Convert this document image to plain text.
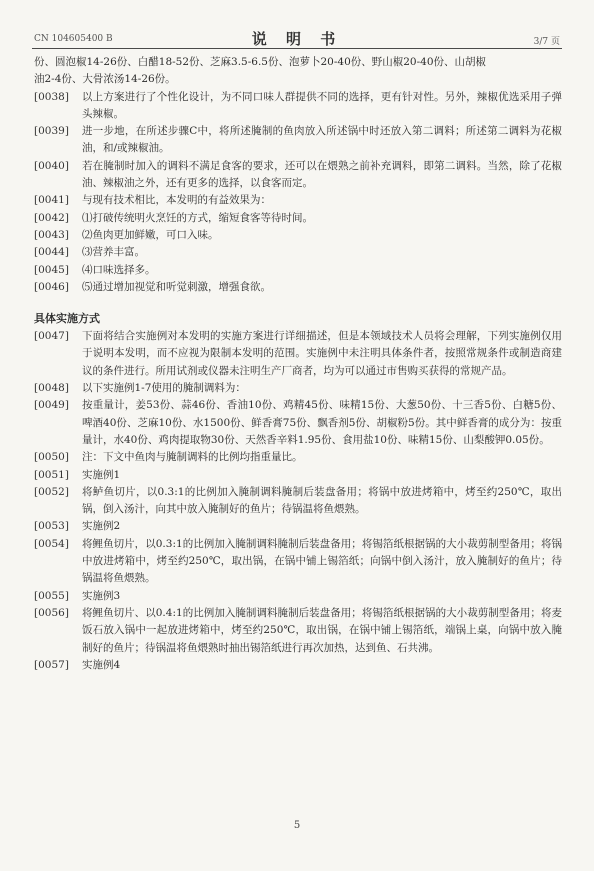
CN 104605400 B	说 明 书	3/7 页

份、圆泡椒14-26份、白醋18-52份、芝麻3.5-6.5份、泡萝卜20-40份、野山椒20-40份、山胡椒

油2-4份、大骨浓汤14-26份。

[0038]	以上方案进行了个性化设计，为不同口味人群提供不同的选择，更有针对性。另外，辣椒优选采用子弹头辣椒。
[0039]	进一步地，在所述步骤C中，将所述腌制的鱼肉放入所述锅中时还放入第二调料；所述第二调料为花椒油，和/或辣椒油。
[0040]	若在腌制时加入的调料不满足食客的要求，还可以在煨熟之前补充调料，即第二调料。当然，除了花椒油、辣椒油之外，还有更多的选择，以食客而定。
[0041]	与现有技术相比，本发明的有益效果为：
[0042]	⑴打破传统明火烹饪的方式，缩短食客等待时间。
[0043]	⑵鱼肉更加鲜嫩，可口入味。
[0044]	⑶营养丰富。
[0045]	⑷口味选择多。
[0046]	⑸通过增加视觉和听觉刺激，增强食欲。

具体实施方式

[0047]	下面将结合实施例对本发明的实施方案进行详细描述，但是本领域技术人员将会理解，下列实施例仅用于说明本发明，而不应视为限制本发明的范围。实施例中未注明具体条件者，按照常规条件或制造商建议的条件进行。所用试剂或仪器未注明生产厂商者，均为可以通过市售购买获得的常规产品。
[0048]	以下实施例1-7使用的腌制调料为：
[0049]	按重量计，姜53份、蒜46份、香油10份、鸡精45份、味精15份、大葱50份、十三香5份、白糖5份、啤酒40份、芝麻10份、水1500份、鲜香膏75份、飘香剂5份、胡椒粉5份。其中鲜香膏的成分为：按重量计，水40份、鸡肉提取物30份、天然香辛料1.95份、食用盐10份、味精15份、山梨酸钾0.05份。
[0050]	注：下文中鱼肉与腌制调料的比例均指重量比。
[0051]	实施例1
[0052]	将鲈鱼切片，以0.3:1的比例加入腌制调料腌制后装盘备用；将锅中放进烤箱中，烤至约250℃，取出锅，倒入汤汁，向其中放入腌制好的鱼片；待锅温将鱼煨熟。
[0053]	实施例2
[0054]	将鲤鱼切片，以0.3:1的比例加入腌制调料腌制后装盘备用；将锡箔纸根据锅的大小裁剪制型备用；将锅中放进烤箱中，烤至约250℃，取出锅，在锅中铺上锡箔纸；向锅中倒入汤汁，放入腌制好的鱼片；待锅温将鱼煨熟。
[0055]	实施例3
[0056]	将鲤鱼切片、以0.4:1的比例加入腌制调料腌制后装盘备用；将锡箔纸根据锅的大小裁剪制型备用；将麦饭石放入锅中一起放进烤箱中，烤至约250℃，取出锅，在锅中铺上锡箔纸，端锅上桌，向锅中放入腌制好的鱼片；待锅温将鱼煨熟时抽出锡箔纸进行再次加热，达到鱼、石共沸。
[0057]	实施例4
5
